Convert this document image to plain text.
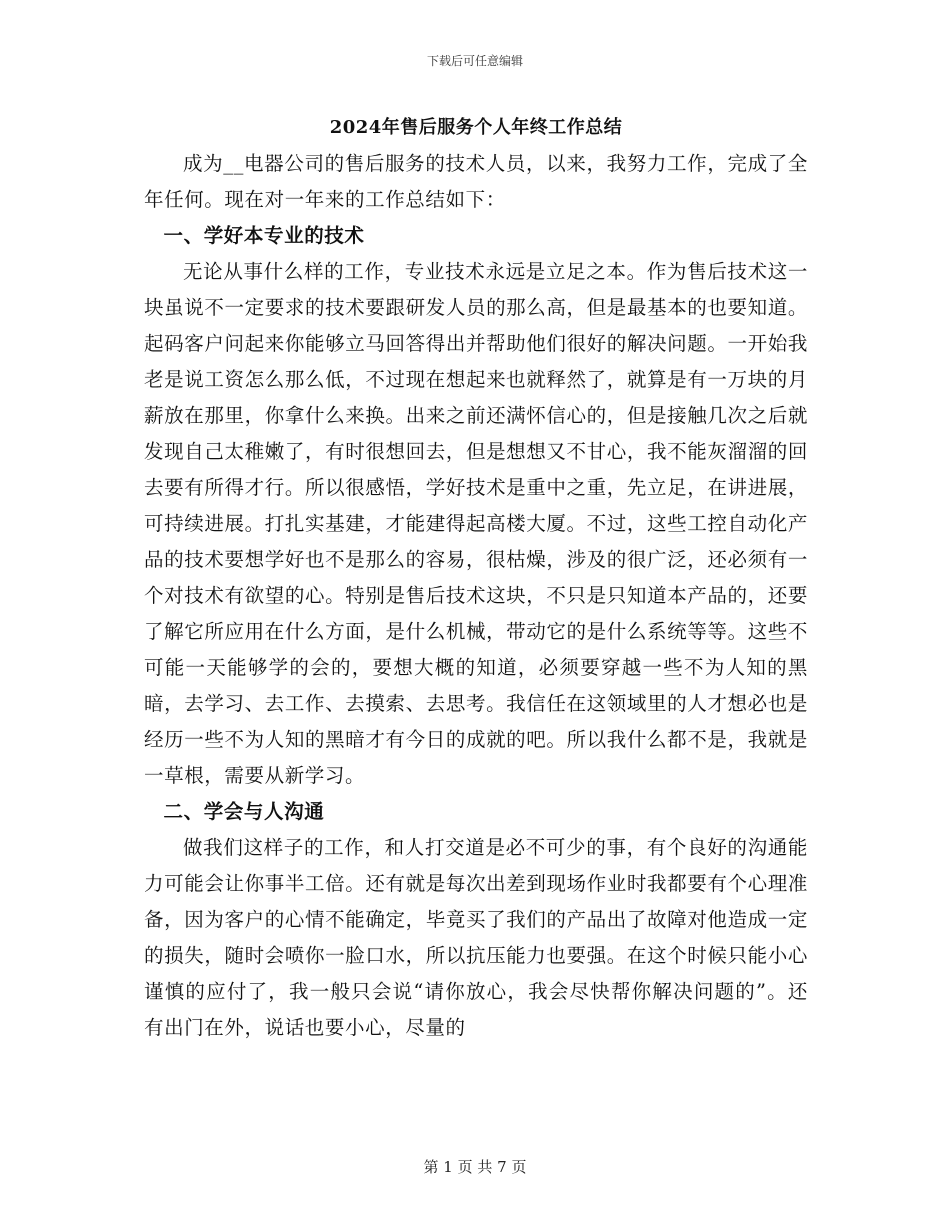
下载后可任意编辑
2024年售后服务个人年终工作总结

成为__电器公司的售后服务的技术人员，以来，我努力工作，完成了全年任何。现在对一年来的工作总结如下：

一、学好本专业的技术

无论从事什么样的工作，专业技术永远是立足之本。作为售后技术这一块虽说不一定要求的技术要跟研发人员的那么高，但是最基本的也要知道。起码客户问起来你能够立马回答得出并帮助他们很好的解决问题。一开始我老是说工资怎么那么低，不过现在想起来也就释然了，就算是有一万块的月薪放在那里，你拿什么来换。出来之前还满怀信心的，但是接触几次之后就发现自己太稚嫩了，有时很想回去，但是想想又不甘心，我不能灰溜溜的回去要有所得才行。所以很感悟，学好技术是重中之重，先立足，在讲进展，可持续进展。打扎实基建，才能建得起高楼大厦。不过，这些工控自动化产品的技术要想学好也不是那么的容易，很枯燥，涉及的很广泛，还必须有一个对技术有欲望的心。特别是售后技术这块，不只是只知道本产品的，还要了解它所应用在什么方面，是什么机械，带动它的是什么系统等等。这些不可能一天能够学的会的，要想大概的知道，必须要穿越一些不为人知的黑暗，去学习、去工作、去摸索、去思考。我信任在这领域里的人才想必也是经历一些不为人知的黑暗才有今日的成就的吧。所以我什么都不是，我就是一草根，需要从新学习。

二、学会与人沟通

做我们这样子的工作，和人打交道是必不可少的事，有个良好的沟通能力可能会让你事半工倍。还有就是每次出差到现场作业时我都要有个心理准备，因为客户的心情不能确定，毕竟买了我们的产品出了故障对他造成一定的损失，随时会喷你一脸口水，所以抗压能力也要强。在这个时候只能小心谨慎的应付了，我一般只会说“请你放心，我会尽快帮你解决问题的”。还有出门在外，说话也要小心，尽量的

第 1 页 共 7 页
